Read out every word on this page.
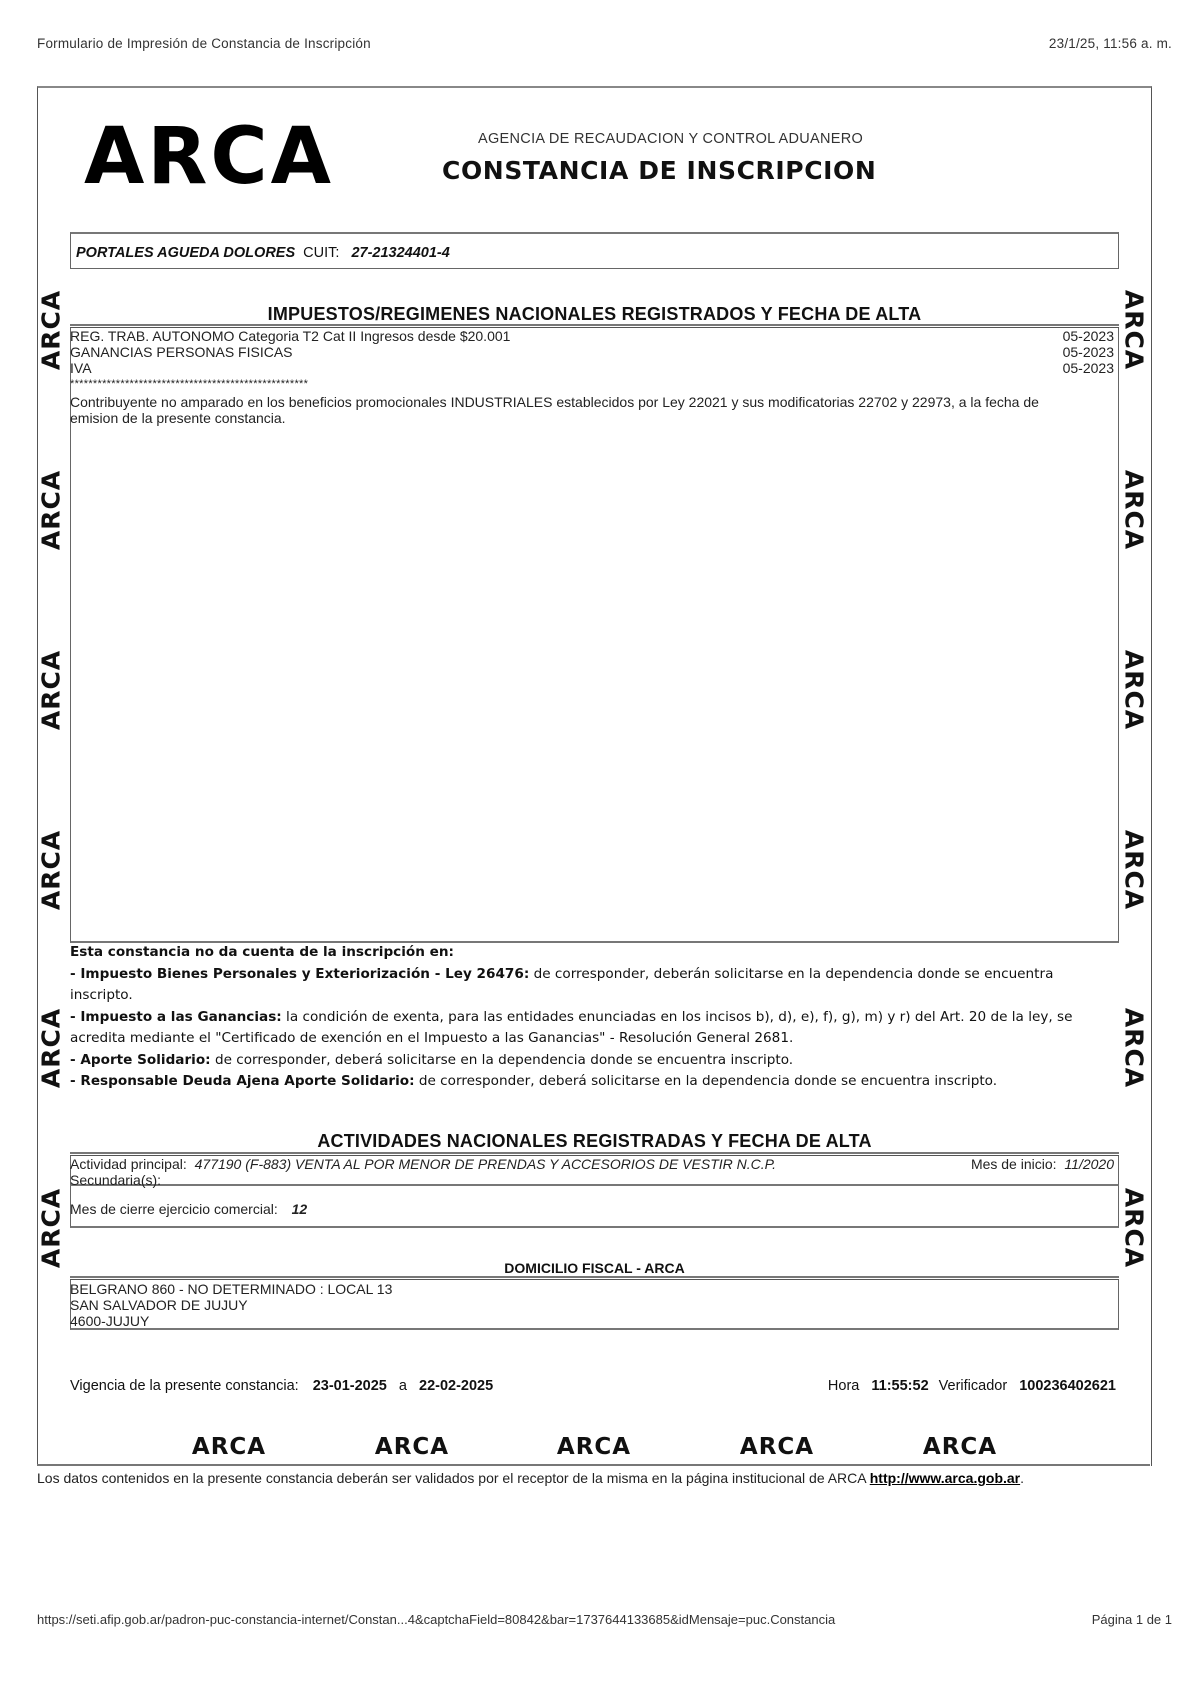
Formulario de Impresión de Constancia de Inscripción	23/1/25, 11:56 a. m.
ARCA	AGENCIA DE RECAUDACION Y CONTROL ADUANERO
CONSTANCIA DE INSCRIPCION
ARCA
ARCA
ARCA
ARCA
ARCA
ARCA
ARCA
ARCA
ARCA
ARCA
ARCA
ARCA
PORTALES AGUEDA DOLORES CUIT: 27-21324401-4
IMPUESTOS/REGIMENES NACIONALES REGISTRADOS Y FECHA DE ALTA
REG. TRAB. AUTONOMO Categoria T2 Cat II Ingresos desde $20.001	05-2023
GANANCIAS PERSONAS FISICAS	05-2023
IVA	05-2023
****************************************************
Contribuyente no amparado en los beneficios promocionales INDUSTRIALES establecidos por Ley 22021 y sus modificatorias 22702 y 22973, a la fecha de emision de la presente constancia.
Esta constancia no da cuenta de la inscripción en:
- Impuesto Bienes Personales y Exteriorización - Ley 26476: de corresponder, deberán solicitarse en la dependencia donde se encuentra inscripto.
- Impuesto a las Ganancias: la condición de exenta, para las entidades enunciadas en los incisos b), d), e), f), g), m) y r) del Art. 20 de la ley, se acredita mediante el "Certificado de exención en el Impuesto a las Ganancias" - Resolución General 2681.
- Aporte Solidario: de corresponder, deberá solicitarse en la dependencia donde se encuentra inscripto.
- Responsable Deuda Ajena Aporte Solidario: de corresponder, deberá solicitarse en la dependencia donde se encuentra inscripto.
ACTIVIDADES NACIONALES REGISTRADAS Y FECHA DE ALTA
Actividad principal: 477190 (F-883) VENTA AL POR MENOR DE PRENDAS Y ACCESORIOS DE VESTIR N.C.P.	Mes de inicio: 11/2020
Secundaria(s):
Mes de cierre ejercicio comercial: 12
DOMICILIO FISCAL - ARCA
BELGRANO 860 - NO DETERMINADO : LOCAL 13
SAN SALVADOR DE JUJUY
4600-JUJUY
Vigencia de la presente constancia: 23-01-2025 a 22-02-2025	Hora 11:55:52 Verificador 100236402621
ARCA	ARCA	ARCA	ARCA	ARCA
Los datos contenidos en la presente constancia deberán ser validados por el receptor de la misma en la página institucional de ARCA http://www.arca.gob.ar.
https://seti.afip.gob.ar/padron-puc-constancia-internet/Constan...4&captchaField=80842&bar=1737644133685&idMensaje=puc.Constancia	Página 1 de 1
